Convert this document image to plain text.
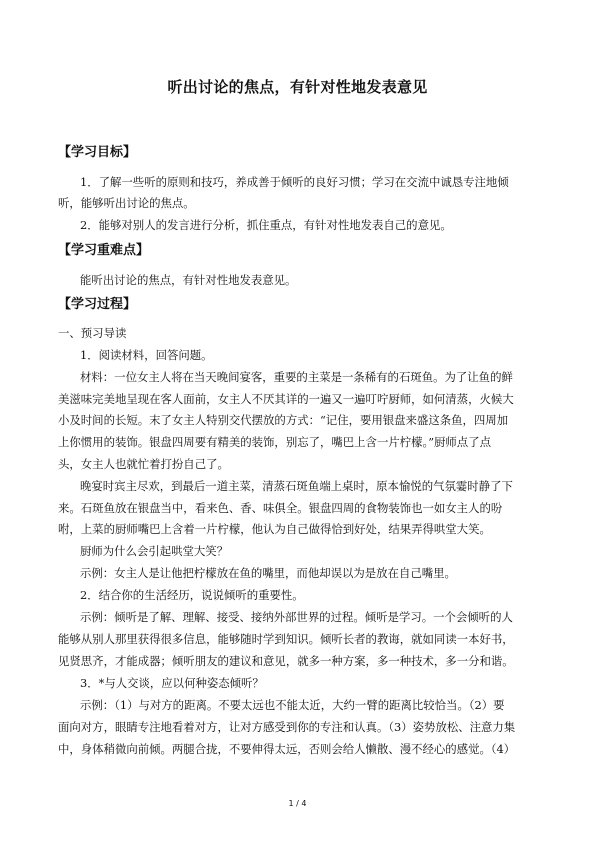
听出讨论的焦点，有针对性地发表意见
【学习目标】
1．了解一些听的原则和技巧，养成善于倾听的良好习惯；学习在交流中诚恳专注地倾
听，能够听出讨论的焦点。
2．能够对别人的发言进行分析，抓住重点，有针对性地发表自己的意见。
【学习重难点】
能听出讨论的焦点，有针对性地发表意见。
【学习过程】
一、预习导读
1．阅读材料，回答问题。
材料：一位女主人将在当天晚间宴客，重要的主菜是一条稀有的石斑鱼。为了让鱼的鲜
美滋味完美地呈现在客人面前，女主人不厌其详的一遍又一遍叮咛厨师，如何清蒸，火候大
小及时间的长短。末了女主人特别交代摆放的方式：“记住，要用银盘来盛这条鱼，四周加
上你惯用的装饰。银盘四周要有精美的装饰，别忘了，嘴巴上含一片柠檬。”厨师点了点
头，女主人也就忙着打扮自己了。
晚宴时宾主尽欢，到最后一道主菜，清蒸石斑鱼端上桌时，原本愉悦的气氛霎时静了下
来。石斑鱼放在银盘当中，看来色、香、味俱全。银盘四周的食物装饰也一如女主人的吩
咐，上菜的厨师嘴巴上含着一片柠檬，他认为自己做得恰到好处，结果弄得哄堂大笑。
厨师为什么会引起哄堂大笑？
示例：女主人是让他把柠檬放在鱼的嘴里，而他却误以为是放在自己嘴里。
2．结合你的生活经历，说说倾听的重要性。
示例：倾听是了解、理解、接受、接纳外部世界的过程。倾听是学习。一个会倾听的人
能够从别人那里获得很多信息，能够随时学到知识。倾听长者的教诲，就如同读一本好书，
见贤思齐，才能成器；倾听朋友的建议和意见，就多一种方案，多一种技术，多一分和谐。
3．*与人交谈，应以何种姿态倾听？
示例：（1）与对方的距离。不要太远也不能太近，大约一臂的距离比较恰当。（2）要
面向对方，眼睛专注地看着对方，让对方感受到你的专注和认真。（3）姿势放松、注意力集
中，身体稍微向前倾。两腿合拢，不要伸得太远，否则会给人懒散、漫不经心的感觉。（4）
1 / 4
